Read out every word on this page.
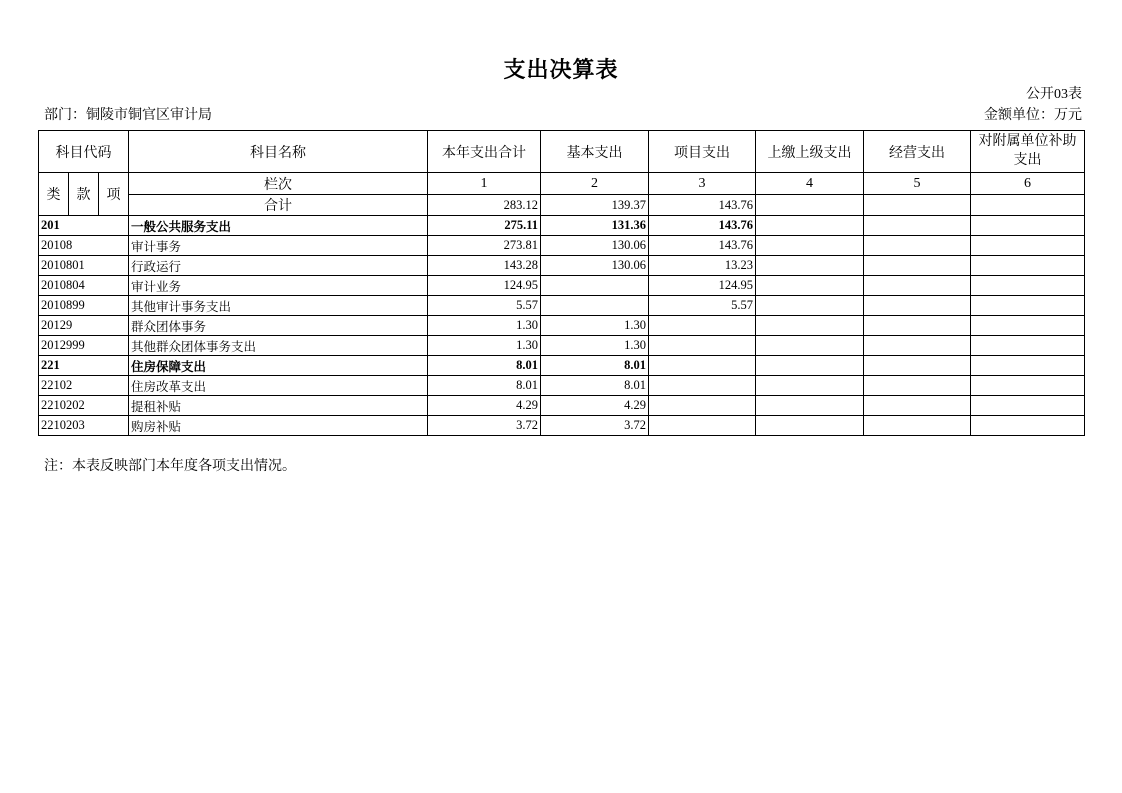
支出决算表
公开03表
部门：铜陵市铜官区审计局	金额单位：万元
科目代码			科目名称	本年支出合计	基本支出	项目支出	上缴上级支出	经营支出	对附属单位补助支出
类	款	项	栏次	1	2	3	4	5	6
			合计	283.12	139.37	143.76			
201			一般公共服务支出	275.11	131.36	143.76			
20108			审计事务	273.81	130.06	143.76			
2010801			行政运行	143.28	130.06	13.23			
2010804			审计业务	124.95		124.95			
2010899			其他审计事务支出	5.57		5.57			
20129			群众团体事务	1.30	1.30				
2012999			其他群众团体事务支出	1.30	1.30				
221			住房保障支出	8.01	8.01				
22102			住房改革支出	8.01	8.01				
2210202			提租补贴	4.29	4.29				
2210203			购房补贴	3.72	3.72				
注：本表反映部门本年度各项支出情况。
